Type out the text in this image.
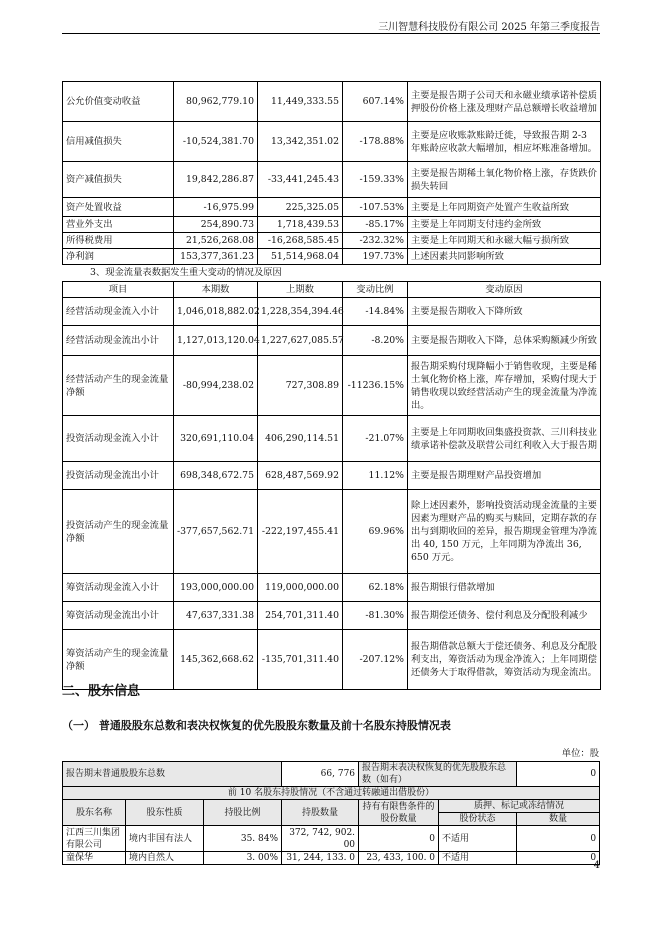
三川智慧科技股份有限公司 2025 年第三季度报告
公允价值变动收益	80,962,779.10	11,449,333.55	607.14%	主要是报告期子公司天和永磁业绩承诺补偿质押股份价格上涨及理财产品总额增长收益增加
信用减值损失	-10,524,381.70	13,342,351.02	-178.88%	主要是应收账款账龄迁徙，导致报告期 2-3 年账龄应收款大幅增加，相应坏账准备增加。
资产减值损失	19,842,286.87	-33,441,245.43	-159.33%	主要是报告期稀土氧化物价格上涨，存货跌价损失转回
资产处置收益	-16,975.99	225,325.05	-107.53%	主要是上年同期资产处置产生收益所致
营业外支出	254,890.73	1,718,439.53	-85.17%	主要是上年同期支付违约金所致
所得税费用	21,526,268.08	-16,268,585.45	-232.32%	主要是上年同期天和永磁大幅亏损所致
净利润	153,377,361.23	51,514,968.04	197.73%	上述因素共同影响所致
3、现金流量表数据发生重大变动的情况及原因
项目	本期数	上期数	变动比例	变动原因
经营活动现金流入小计	1,046,018,882.02	1,228,354,394.46	-14.84%	主要是报告期收入下降所致
经营活动现金流出小计	1,127,013,120.04	1,227,627,085.57	-8.20%	主要是报告期收入下降，总体采购额减少所致
经营活动产生的现金流量净额	-80,994,238.02	727,308.89	-11236.15%	报告期采购付现降幅小于销售收现，主要是稀土氧化物价格上涨，库存增加，采购付现大于销售收现以致经营活动产生的现金流量为净流出。
投资活动现金流入小计	320,691,110.04	406,290,114.51	-21.07%	主要是上年同期收回集盛投资款、三川科技业绩承诺补偿款及联营公司红利收入大于报告期
投资活动现金流出小计	698,348,672.75	628,487,569.92	11.12%	主要是报告期理财产品投资增加
投资活动产生的现金流量净额	-377,657,562.71	-222,197,455.41	69.96%	除上述因素外，影响投资活动现金流量的主要因素为理财产品的购买与赎回，定期存款的存出与到期收回的差异，报告期现金管理为净流出 40, 150 万元，上年同期为净流出 36, 650 万元。
筹资活动现金流入小计	193,000,000.00	119,000,000.00	62.18%	报告期银行借款增加
筹资活动现金流出小计	47,637,331.38	254,701,311.40	-81.30%	报告期偿还债务、偿付利息及分配股利减少
筹资活动产生的现金流量净额	145,362,668.62	-135,701,311.40	-207.12%	报告期借款总额大于偿还债务、利息及分配股利支出，筹资活动为现金净流入；上年同期偿还债务大于取得借款，筹资活动为现金流出。
二、股东信息
（一） 普通股股东总数和表决权恢复的优先股股东数量及前十名股东持股情况表
单位：股
报告期末普通股股东总数			66, 776	报告期末表决权恢复的优先股股东总数（如有）		0
前 10 名股东持股情况（不含通过转融通出借股份）						
股东名称	股东性质	持股比例	持股数量	持有有限售条件的股份数量	质押、标记或冻结情况	
					股份状态	数量
江西三川集团有限公司	境内非国有法人	35. 84%	372, 742, 902. 00	0	不适用	0
童保华	境内自然人	3. 00%	31, 244, 133. 0	23, 433, 100. 0	不适用	0
4
